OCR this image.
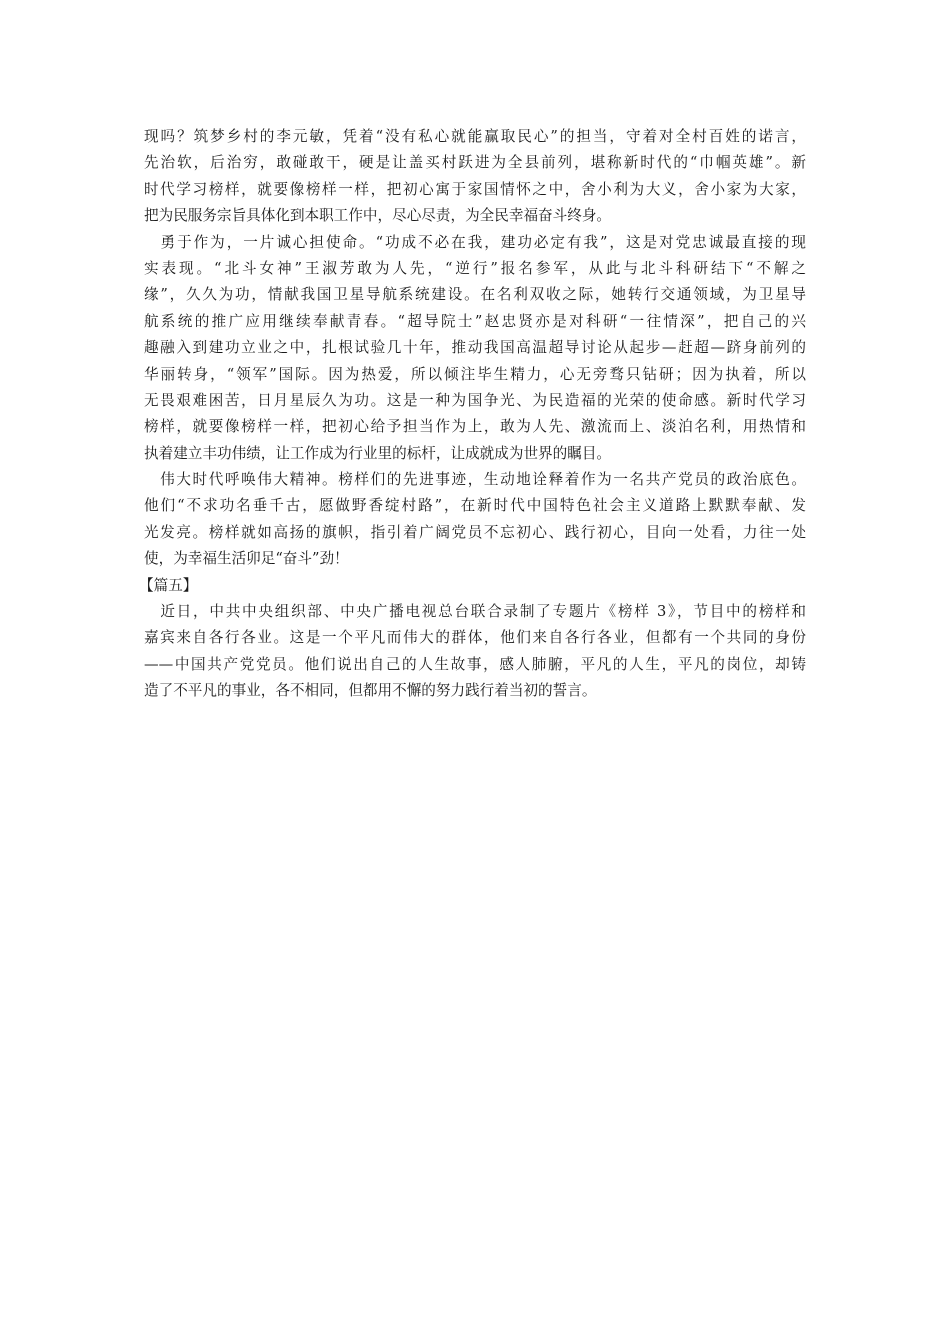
现吗？筑梦乡村的李元敏，凭着“没有私心就能赢取民心”的担当，守着对全村百姓的诺言，
先治软，后治穷，敢碰敢干，硬是让盖买村跃进为全县前列，堪称新时代的“巾帼英雄”。新
时代学习榜样，就要像榜样一样，把初心寓于家国情怀之中，舍小利为大义，舍小家为大家，
把为民服务宗旨具体化到本职工作中，尽心尽责，为全民幸福奋斗终身。
　勇于作为，一片诚心担使命。“功成不必在我，建功必定有我”，这是对党忠诚最直接的现
实表现。“北斗女神”王淑芳敢为人先，“逆行”报名参军，从此与北斗科研结下“不解之
缘”，久久为功，情献我国卫星导航系统建设。在名利双收之际，她转行交通领域，为卫星导
航系统的推广应用继续奉献青春。“超导院士”赵忠贤亦是对科研“一往情深”，把自己的兴
趣融入到建功立业之中，扎根试验几十年，推动我国高温超导讨论从起步—赶超—跻身前列的
华丽转身，“领军”国际。因为热爱，所以倾注毕生精力，心无旁骛只钻研；因为执着，所以
无畏艰难困苦，日月星辰久为功。这是一种为国争光、为民造福的光荣的使命感。新时代学习
榜样，就要像榜样一样，把初心给予担当作为上，敢为人先、激流而上、淡泊名利，用热情和
执着建立丰功伟绩，让工作成为行业里的标杆，让成就成为世界的瞩目。
　伟大时代呼唤伟大精神。榜样们的先进事迹，生动地诠释着作为一名共产党员的政治底色。
他们“不求功名垂千古，愿做野香绽村路”，在新时代中国特色社会主义道路上默默奉献、发
光发亮。榜样就如高扬的旗帜，指引着广阔党员不忘初心、践行初心，目向一处看，力往一处
使，为幸福生活卯足“奋斗”劲！
【篇五】
　近日，中共中央组织部、中央广播电视总台联合录制了专题片《榜样 3》，节目中的榜样和
嘉宾来自各行各业。这是一个平凡而伟大的群体，他们来自各行各业，但都有一个共同的身份
——中国共产党党员。他们说出自己的人生故事，感人肺腑，平凡的人生，平凡的岗位，却铸
造了不平凡的事业，各不相同，但都用不懈的努力践行着当初的誓言。
